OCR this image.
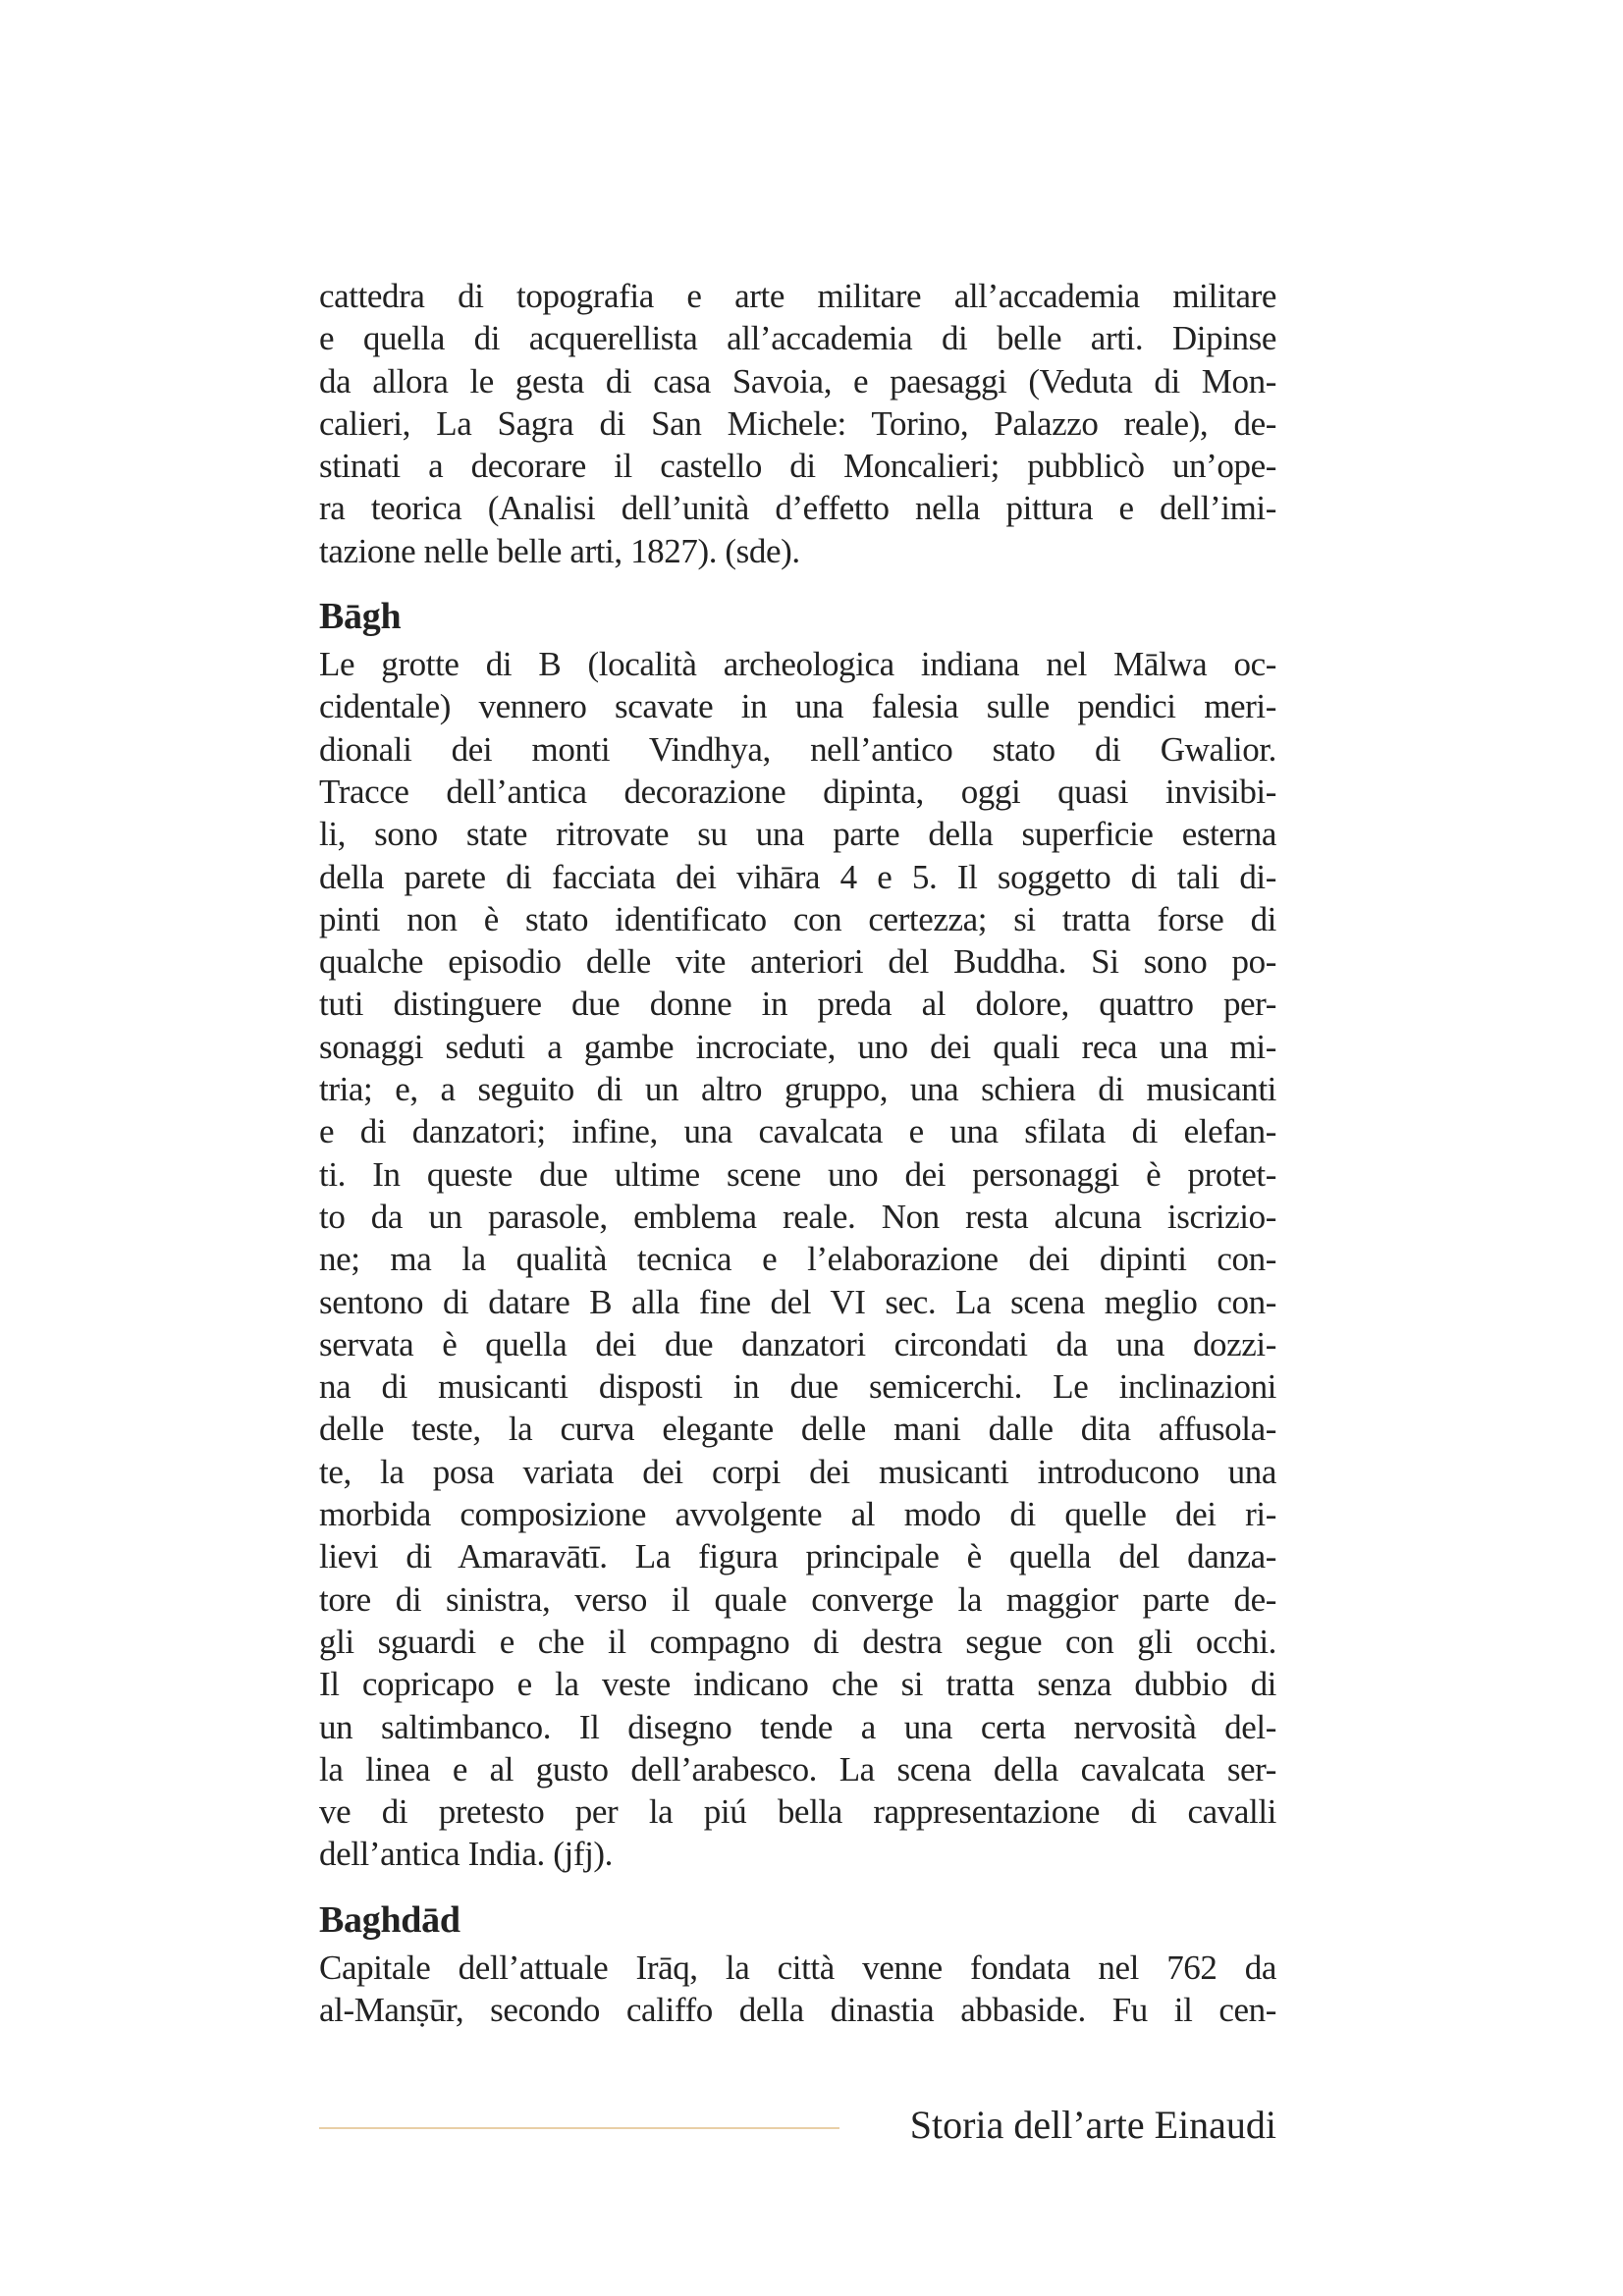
cattedra di topografia e arte militare all’accademia militare
e quella di acquerellista all’accademia di belle arti. Dipinse
da allora le gesta di casa Savoia, e paesaggi (Veduta di Mon-
calieri, La Sagra di San Michele: Torino, Palazzo reale), de-
stinati a decorare il castello di Moncalieri; pubblicò un’ope-
ra teorica (Analisi dell’unità d’effetto nella pittura e dell’imi-
tazione nelle belle arti, 1827). (sde).
Bāgh
Le grotte di B (località archeologica indiana nel Mālwa oc-
cidentale) vennero scavate in una falesia sulle pendici meri-
dionali dei monti Vindhya, nell’antico stato di Gwalior.
Tracce dell’antica decorazione dipinta, oggi quasi invisibi-
li, sono state ritrovate su una parte della superficie esterna
della parete di facciata dei vihāra 4 e 5. Il soggetto di tali di-
pinti non è stato identificato con certezza; si tratta forse di
qualche episodio delle vite anteriori del Buddha. Si sono po-
tuti distinguere due donne in preda al dolore, quattro per-
sonaggi seduti a gambe incrociate, uno dei quali reca una mi-
tria; e, a seguito di un altro gruppo, una schiera di musicanti
e di danzatori; infine, una cavalcata e una sfilata di elefan-
ti. In queste due ultime scene uno dei personaggi è protet-
to da un parasole, emblema reale. Non resta alcuna iscrizio-
ne; ma la qualità tecnica e l’elaborazione dei dipinti con-
sentono di datare B alla fine del VI sec. La scena meglio con-
servata è quella dei due danzatori circondati da una dozzi-
na di musicanti disposti in due semicerchi. Le inclinazioni
delle teste, la curva elegante delle mani dalle dita affusola-
te, la posa variata dei corpi dei musicanti introducono una
morbida composizione avvolgente al modo di quelle dei ri-
lievi di Amaravātī. La figura principale è quella del danza-
tore di sinistra, verso il quale converge la maggior parte de-
gli sguardi e che il compagno di destra segue con gli occhi.
Il copricapo e la veste indicano che si tratta senza dubbio di
un saltimbanco. Il disegno tende a una certa nervosità del-
la linea e al gusto dell’arabesco. La scena della cavalcata ser-
ve di pretesto per la piú bella rappresentazione di cavalli
dell’antica India. (jfj).
Baghdād
Capitale dell’attuale Irāq, la città venne fondata nel 762 da
al-Manṣūr, secondo califfo della dinastia abbaside. Fu il cen-
Storia dell’arte Einaudi
